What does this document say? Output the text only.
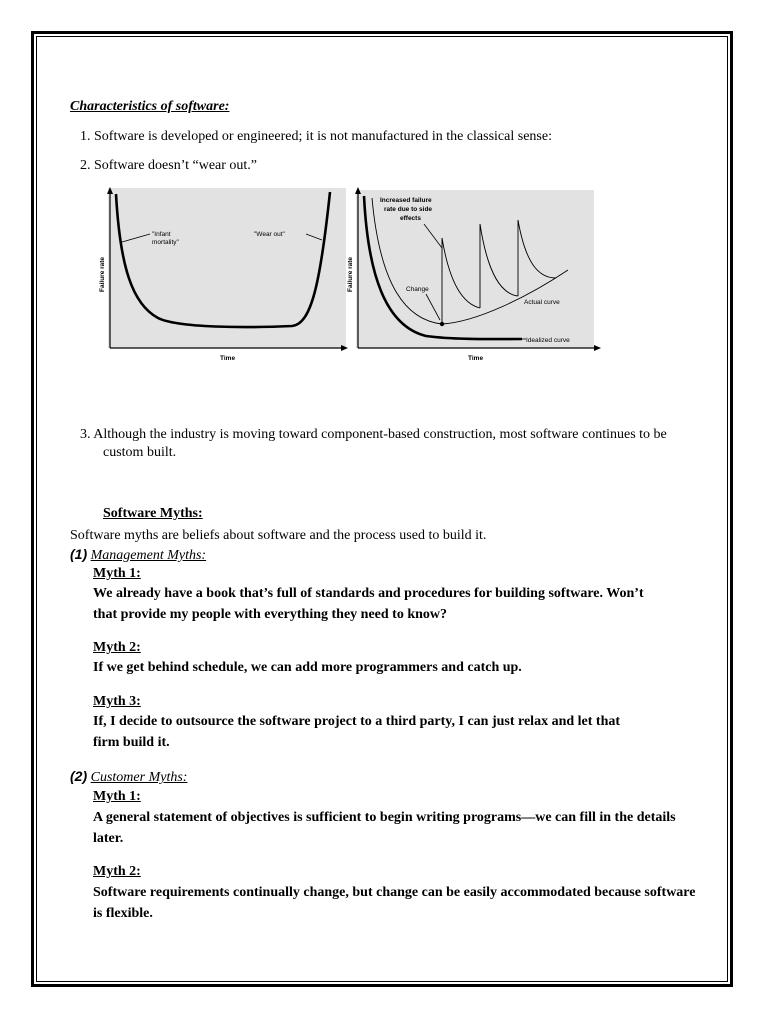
Characteristics of software:
1. Software is developed or engineered; it is not manufactured in the classical sense:
2. Software doesn’t “wear out.”
"Infant
mortality"
"Wear out"
Failure rate
Time
Increased failure
rate due to side
effects
Change
Actual curve
Idealized curve
Failure rate
Time
3. Although the industry is moving toward component-based construction, most software continues to be
custom built.
Software Myths:
Software myths are beliefs about software and the process used to build it.
(1) Management Myths:
Myth 1:
We already have a book that’s full of standards and procedures for building software. Won’t
that provide my people with everything they need to know?
Myth 2:
If we get behind schedule, we can add more programmers and catch up.
Myth 3:
If, I decide to outsource the software project to a third party, I can just relax and let that
firm build it.
(2) Customer Myths:
Myth 1:
A general statement of objectives is sufficient to begin writing programs—we can fill in the details
later.
Myth 2:
Software requirements continually change, but change can be easily accommodated because software
is flexible.
